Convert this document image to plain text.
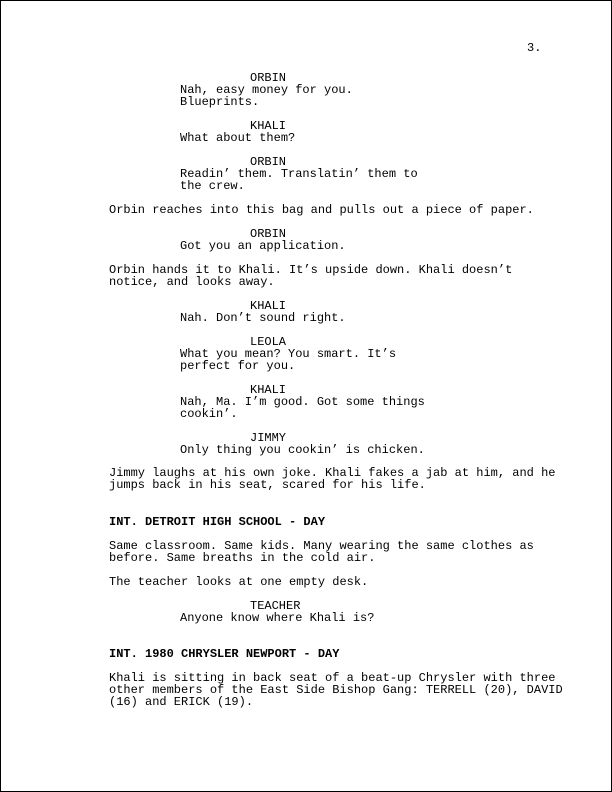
3.
ORBIN
Nah, easy money for you.
Blueprints.
KHALI
What about them?
ORBIN
Readin’ them. Translatin’ them to
the crew.
Orbin reaches into this bag and pulls out a piece of paper.
ORBIN
Got you an application.
Orbin hands it to Khali. It’s upside down. Khali doesn’t
notice, and looks away.
KHALI
Nah. Don’t sound right.
LEOLA
What you mean? You smart. It’s
perfect for you.
KHALI
Nah, Ma. I’m good. Got some things
cookin’.
JIMMY
Only thing you cookin’ is chicken.
Jimmy laughs at his own joke. Khali fakes a jab at him, and he
jumps back in his seat, scared for his life.
INT. DETROIT HIGH SCHOOL - DAY
Same classroom. Same kids. Many wearing the same clothes as
before. Same breaths in the cold air.
The teacher looks at one empty desk.
TEACHER
Anyone know where Khali is?
INT. 1980 CHRYSLER NEWPORT - DAY
Khali is sitting in back seat of a beat-up Chrysler with three
other members of the East Side Bishop Gang: TERRELL (20), DAVID
(16) and ERICK (19).
